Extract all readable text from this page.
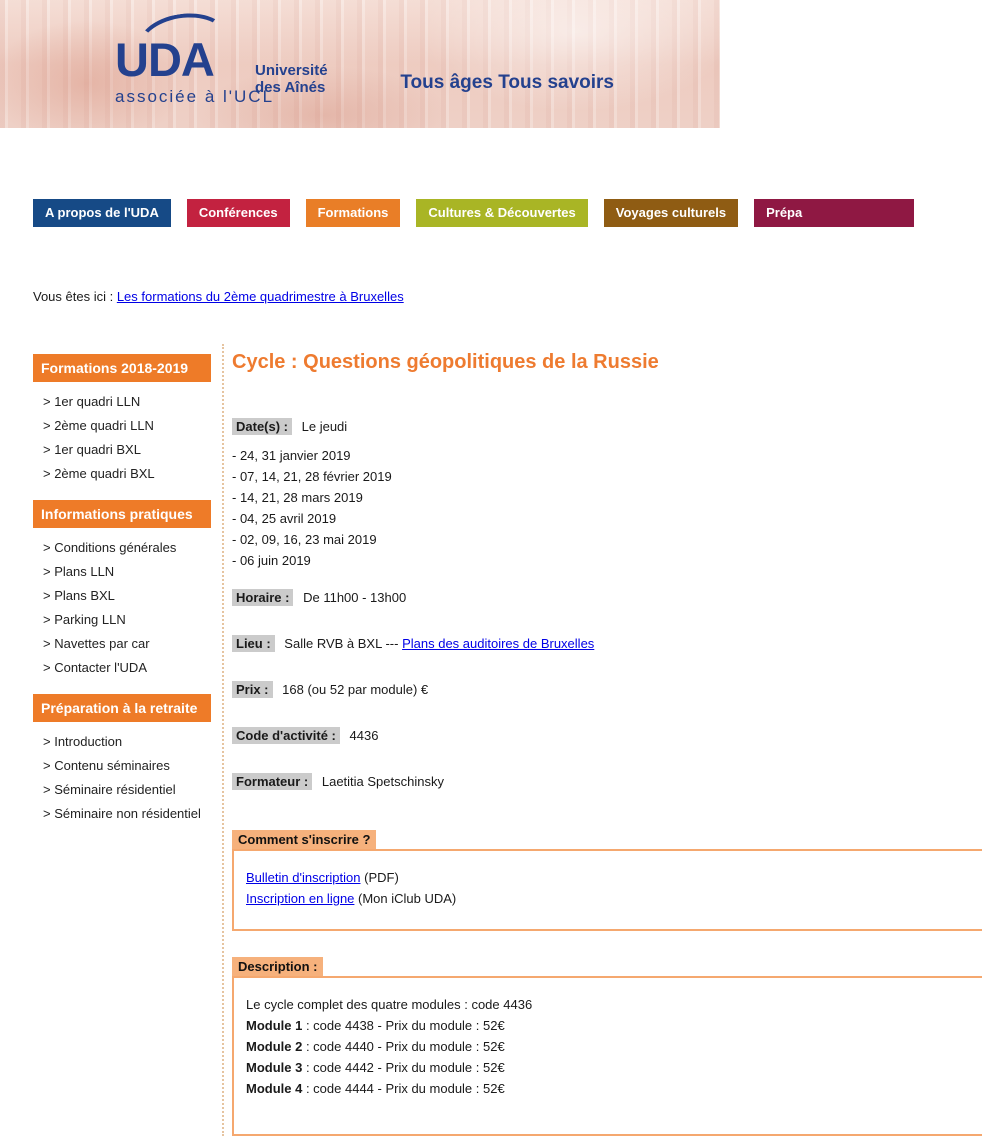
UDA	Université
des Aînés
associée à l'UCL
Tous âges Tous savoirs
A propos de l'UDA	Conférences	Formations	Cultures & Découvertes	Voyages culturels	Prépa
Vous êtes ici : Les formations du 2ème quadrimestre à Bruxelles
Formations 2018-2019
> 1er quadri LLN
> 2ème quadri LLN
> 1er quadri BXL
> 2ème quadri BXL
Informations pratiques
> Conditions générales
> Plans LLN
> Plans BXL
> Parking LLN
> Navettes par car
> Contacter l'UDA
Préparation à la retraite
> Introduction
> Contenu séminaires
> Séminaire résidentiel
> Séminaire non résidentiel
Cycle : Questions géopolitiques de la Russie
Date(s) : Le jeudi
- 24, 31 janvier 2019
- 07, 14, 21, 28 février 2019
- 14, 21, 28 mars 2019
- 04, 25 avril 2019
- 02, 09, 16, 23 mai 2019
- 06 juin 2019
Horaire : De 11h00 - 13h00
Lieu : Salle RVB à BXL --- Plans des auditoires de Bruxelles
Prix : 168 (ou 52 par module) €
Code d'activité : 4436
Formateur : Laetitia Spetschinsky
Comment s'inscrire ?
Bulletin d'inscription (PDF)
Inscription en ligne (Mon iClub UDA)
Description :
Le cycle complet des quatre modules : code 4436
Module 1 : code 4438 - Prix du module : 52€
Module 2 : code 4440 - Prix du module : 52€
Module 3 : code 4442 - Prix du module : 52€
Module 4 : code 4444 - Prix du module : 52€
